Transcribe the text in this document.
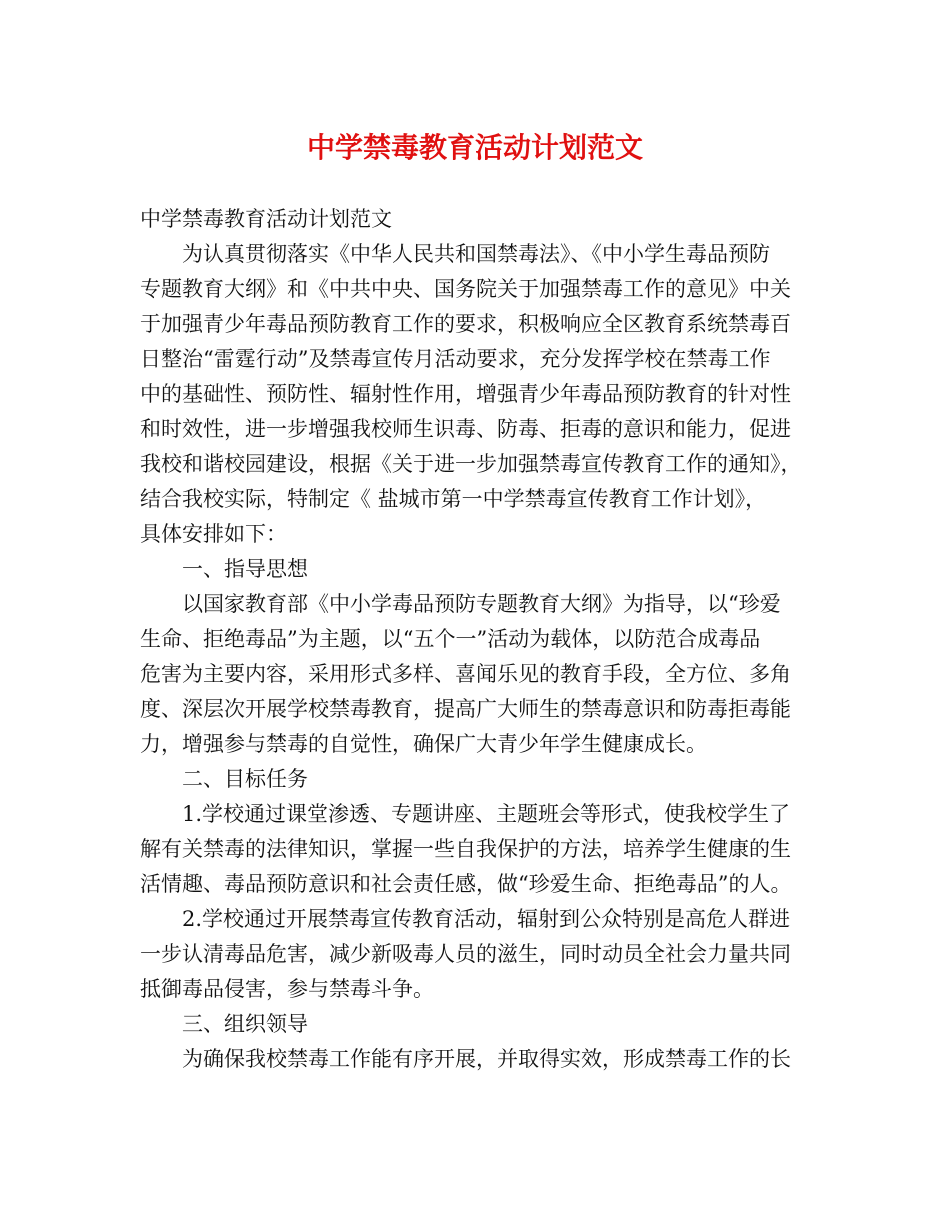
中学禁毒教育活动计划范文
中学禁毒教育活动计划范文
为认真贯彻落实《中华人民共和国禁毒法》、《中小学生毒品预防
专题教育大纲》和《中共中央、国务院关于加强禁毒工作的意见》中关
于加强青少年毒品预防教育工作的要求，积极响应全区教育系统禁毒百
日整治“雷霆行动”及禁毒宣传月活动要求，充分发挥学校在禁毒工作
中的基础性、预防性、辐射性作用，增强青少年毒品预防教育的针对性
和时效性，进一步增强我校师生识毒、防毒、拒毒的意识和能力，促进
我校和谐校园建设，根据《关于进一步加强禁毒宣传教育工作的通知》，
结合我校实际，特制定《 盐城市第一中学禁毒宣传教育工作计划》，
具体安排如下：
一、指导思想
以国家教育部《中小学毒品预防专题教育大纲》为指导，以“珍爱
生命、拒绝毒品”为主题，以“五个一”活动为载体，以防范合成毒品
危害为主要内容，采用形式多样、喜闻乐见的教育手段，全方位、多角
度、深层次开展学校禁毒教育，提高广大师生的禁毒意识和防毒拒毒能
力，增强参与禁毒的自觉性，确保广大青少年学生健康成长。
二、目标任务
1.学校通过课堂渗透、专题讲座、主题班会等形式，使我校学生了
解有关禁毒的法律知识，掌握一些自我保护的方法，培养学生健康的生
活情趣、毒品预防意识和社会责任感，做“珍爱生命、拒绝毒品”的人。
2.学校通过开展禁毒宣传教育活动，辐射到公众特别是高危人群进
一步认清毒品危害，减少新吸毒人员的滋生，同时动员全社会力量共同
抵御毒品侵害，参与禁毒斗争。
三、组织领导
为确保我校禁毒工作能有序开展，并取得实效，形成禁毒工作的长
